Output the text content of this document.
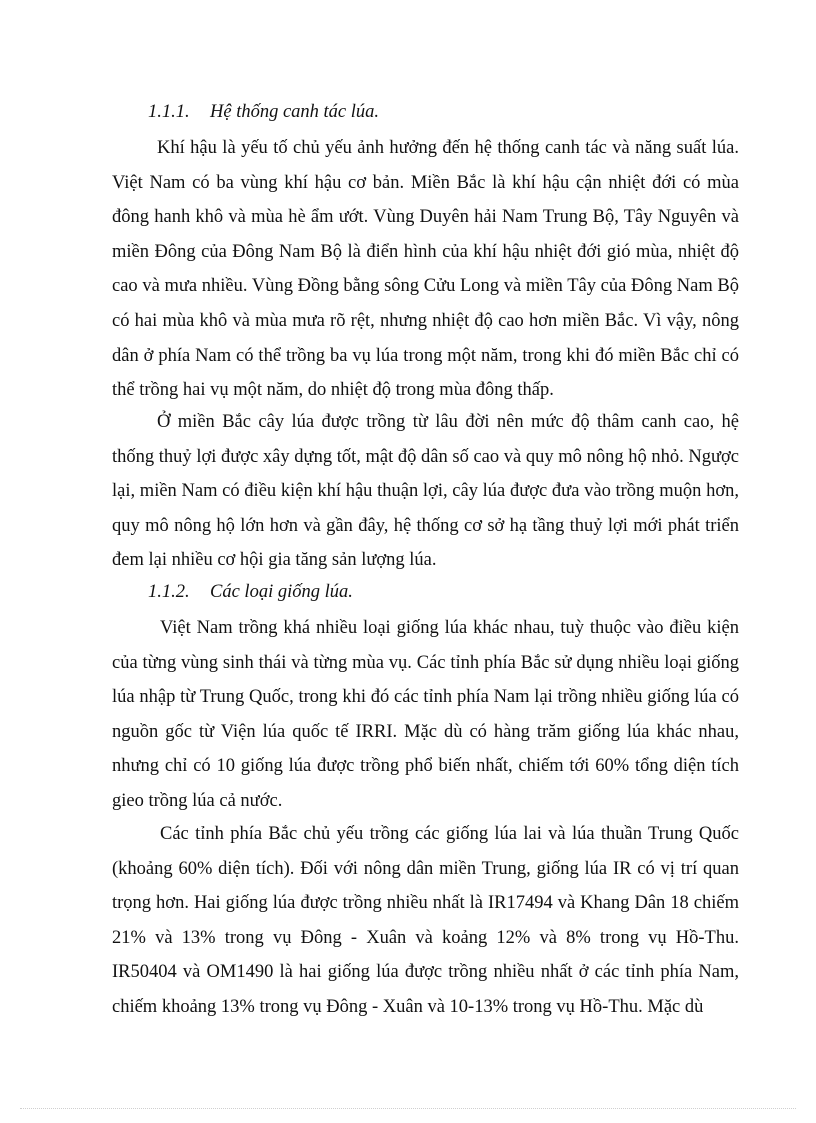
1.1.1. Hệ thống canh tác lúa.

Khí hậu là yếu tố chủ yếu ảnh hưởng đến hệ thống canh tác và năng suất lúa. Việt Nam có ba vùng khí hậu cơ bản. Miền Bắc là khí hậu cận nhiệt đới có mùa đông hanh khô và mùa hè ẩm ướt. Vùng Duyên hải Nam Trung Bộ, Tây Nguyên và miền Đông của Đông Nam Bộ là điển hình của khí hậu nhiệt đới gió mùa, nhiệt độ cao và mưa nhiều. Vùng Đồng bằng sông Cửu Long và miền Tây của Đông Nam Bộ có hai mùa khô và mùa mưa rõ rệt, nhưng nhiệt độ cao hơn miền Bắc. Vì vậy, nông dân ở phía Nam có thể trồng ba vụ lúa trong một năm, trong khi đó miền Bắc chỉ có thể trồng hai vụ một năm, do nhiệt độ trong mùa đông thấp.

Ở miền Bắc cây lúa được trồng từ lâu đời nên mức độ thâm canh cao, hệ thống thuỷ lợi được xây dựng tốt, mật độ dân số cao và quy mô nông hộ nhỏ. Ngược lại, miền Nam có điều kiện khí hậu thuận lợi, cây lúa được đưa vào trồng muộn hơn, quy mô nông hộ lớn hơn và gần đây, hệ thống cơ sở hạ tầng thuỷ lợi mới phát triển đem lại nhiều cơ hội gia tăng sản lượng lúa.

1.1.2. Các loại giống lúa.

Việt Nam trồng khá nhiều loại giống lúa khác nhau, tuỳ thuộc vào điều kiện của từng vùng sinh thái và từng mùa vụ. Các tỉnh phía Bắc sử dụng nhiều loại giống lúa nhập từ Trung Quốc, trong khi đó các tỉnh phía Nam lại trồng nhiều giống lúa có nguồn gốc từ Viện lúa quốc tế IRRI. Mặc dù có hàng trăm giống lúa khác nhau, nhưng chỉ có 10 giống lúa được trồng phổ biến nhất, chiếm tới 60% tổng diện tích gieo trồng lúa cả nước.

Các tỉnh phía Bắc chủ yếu trồng các giống lúa lai và lúa thuần Trung Quốc (khoảng 60% diện tích). Đối với nông dân miền Trung, giống lúa IR có vị trí quan trọng hơn. Hai giống lúa được trồng nhiều nhất là IR17494 và Khang Dân 18 chiếm 21% và 13% trong vụ Đông - Xuân và koảng 12% và 8% trong vụ Hồ-Thu. IR50404 và OM1490 là hai giống lúa được trồng nhiều nhất ở các tỉnh phía Nam, chiếm khoảng 13% trong vụ Đông - Xuân và 10-13% trong vụ Hồ-Thu. Mặc dù
